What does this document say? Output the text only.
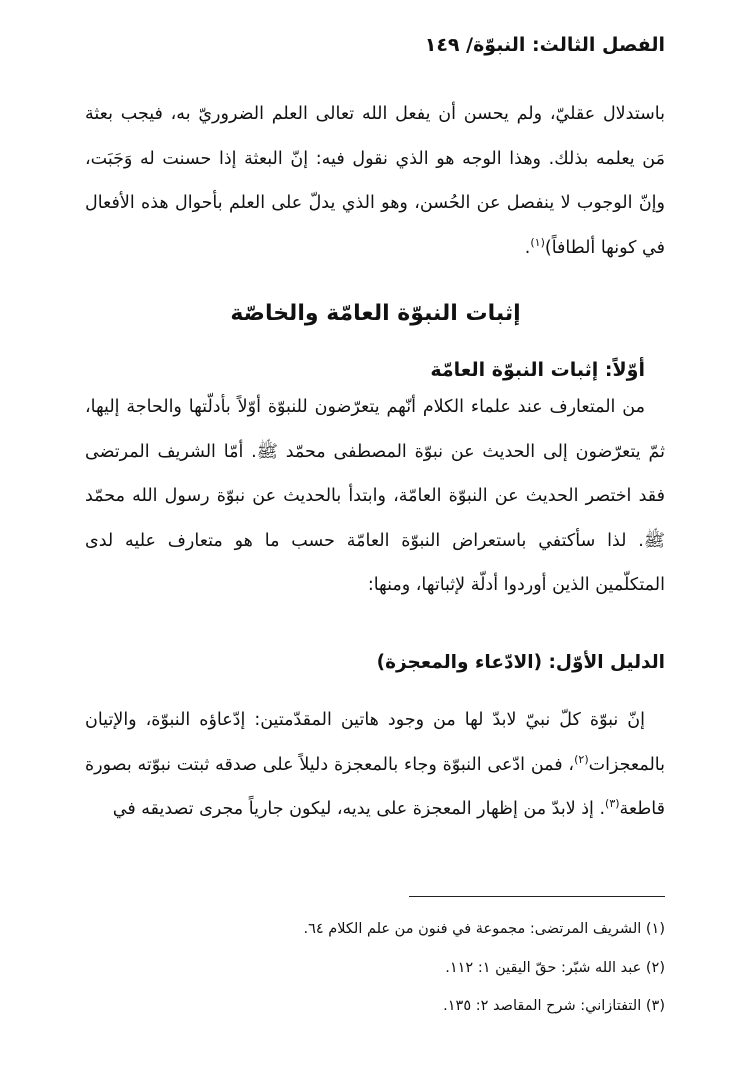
الفصل الثالث: النبوّة/ ١٤٩

باستدلال عقليّ، ولم يحسن أن يفعل الله تعالى العلم الضروريّ به، فيجب بعثة مَن يعلمه بذلك. وهذا الوجه هو الذي نقول فيه: إنّ البعثة إذا حسنت له وَجَبَت، وإنّ الوجوب لا ينفصل عن الحُسن، وهو الذي يدلّ على العلم بأحوال هذه الأفعال في كونها ألطافاً)$^{(١)}$.

إثبات النبوّة العامّة والخاصّة
أوّلاً: إثبات النبوّة العامّة

من المتعارف عند علماء الكلام أنّهم يتعرّضون للنبوّة أوّلاً بأدلّتها والحاجة إليها، ثمّ يتعرّضون إلى الحديث عن نبوّة المصطفى محمّد ﷺ. أمّا الشريف المرتضى فقد اختصر الحديث عن النبوّة العامّة، وابتدأ بالحديث عن نبوّة رسول الله محمّد ﷺ. لذا سأكتفي باستعراض النبوّة العامّة حسب ما هو متعارف عليه لدى المتكلّمين الذين أوردوا أدلّة لإثباتها، ومنها:

الدليل الأوّل: (الادّعاء والمعجزة)

إنّ نبوّة كلّ نبيّ لابدّ لها من وجود هاتين المقدّمتين: إدّعاؤه النبوّة، والإتيان بالمعجزات$^{(٢)}$، فمن ادّعى النبوّة وجاء بالمعجزة دليلاً على صدقه ثبتت نبوّته بصورة قاطعة$^{(٣)}$. إذ لابدّ من إظهار المعجزة على يديه، ليكون جارياً مجرى تصديقه في

(١) الشريف المرتضى: مجموعة في فنون من علم الكلام ٦٤.
(٢) عبد الله شبّر: حقّ اليقين ١: ١١٢.
(٣) التفتازاني: شرح المقاصد ٢: ١٣٥.
